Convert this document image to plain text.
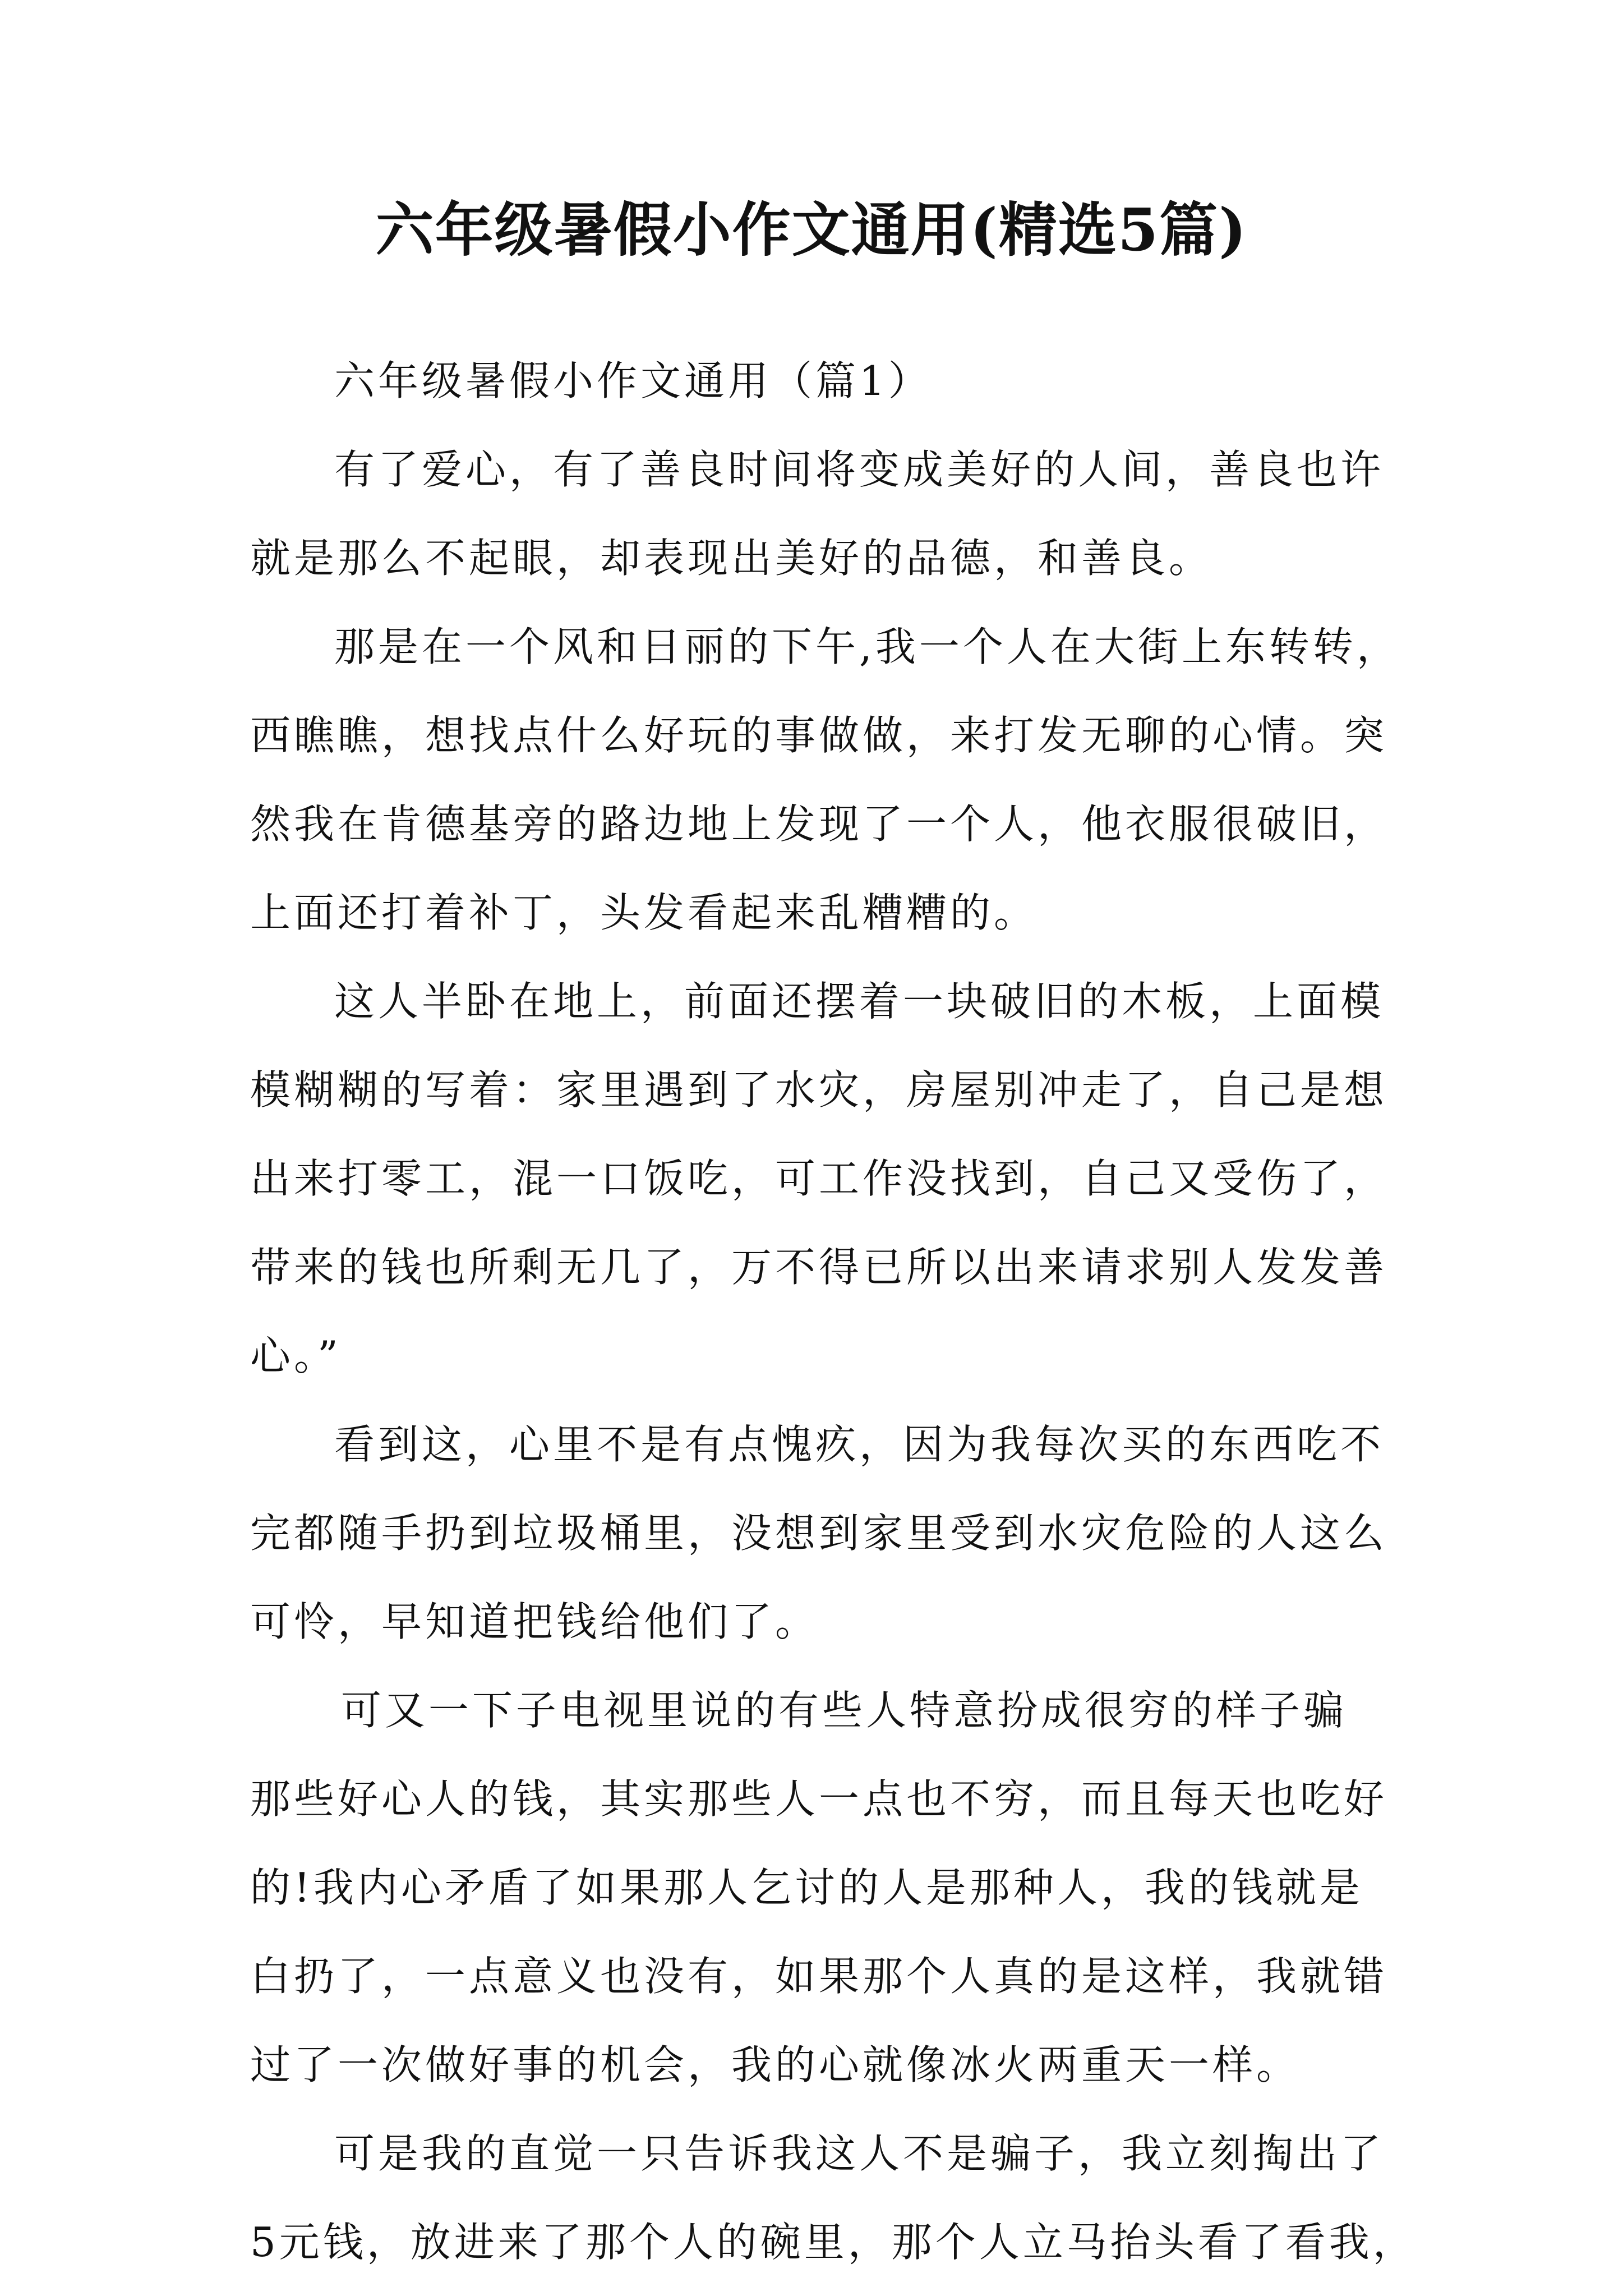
六年级暑假小作文通用(精选5篇)
六年级暑假小作文通用（篇1）
有了爱心，有了善良时间将变成美好的人间，善良也许
就是那么不起眼，却表现出美好的品德，和善良。
那是在一个风和日丽的下午,我一个人在大街上东转转，
西瞧瞧，想找点什么好玩的事做做，来打发无聊的心情。突
然我在肯德基旁的路边地上发现了一个人，他衣服很破旧，
上面还打着补丁，头发看起来乱糟糟的。
这人半卧在地上，前面还摆着一块破旧的木板，上面模
模糊糊的写着：家里遇到了水灾，房屋别冲走了，自己是想
出来打零工，混一口饭吃，可工作没找到，自己又受伤了，
带来的钱也所剩无几了，万不得已所以出来请求别人发发善
心。”
看到这，心里不是有点愧疚，因为我每次买的东西吃不
完都随手扔到垃圾桶里，没想到家里受到水灾危险的人这么
可怜，早知道把钱给他们了。
可又一下子电视里说的有些人特意扮成很穷的样子骗
那些好心人的钱，其实那些人一点也不穷，而且每天也吃好
的!我内心矛盾了如果那人乞讨的人是那种人，我的钱就是
白扔了，一点意义也没有，如果那个人真的是这样，我就错
过了一次做好事的机会，我的心就像冰火两重天一样。
可是我的直觉一只告诉我这人不是骗子，我立刻掏出了
5元钱，放进来了那个人的碗里，那个人立马抬头看了看我，
